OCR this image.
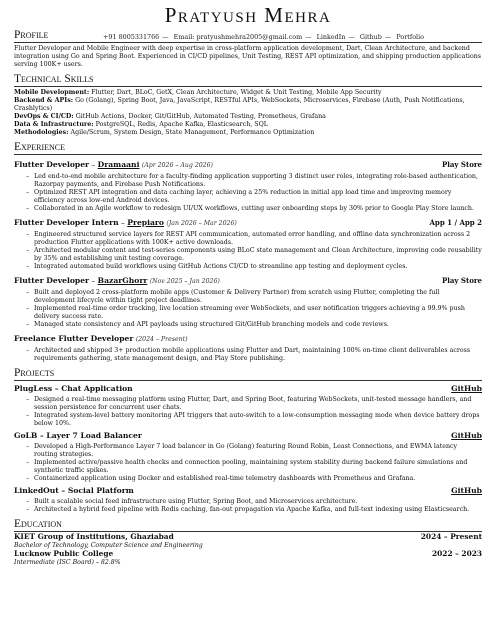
Pratyush Mehra
Profile	+91 8005331766 — Email: pratyushmehra2005@gmail.com — LinkedIn — Github — Portfolio

Flutter Developer and Mobile Engineer with deep expertise in cross-platform application development, Dart, Clean Architecture, and backend integration using Go and Spring Boot. Experienced in CI/CD pipelines, Unit Testing, REST API optimization, and shipping production applications serving 100K+ users.

Technical Skills
Mobile Development: Flutter, Dart, BLoC, GetX, Clean Architecture, Widget & Unit Testing, Mobile App Security
Backend & APIs: Go (Golang), Spring Boot, Java, JavaScript, RESTful APIs, WebSockets, Microservices, Firebase (Auth, Push Notifications, Crashlytics)
DevOps & CI/CD: GitHub Actions, Docker, Git/GitHub, Automated Testing, Prometheus, Grafana
Data & Infrastructure: PostgreSQL, Redis, Apache Kafka, Elasticsearch, SQL
Methodologies: Agile/Scrum, System Design, State Management, Performance Optimization
Experience
Flutter Developer – Dramaani (Apr 2026 – Aug 2026)	Play Store
– Led end-to-end mobile architecture for a faculty-finding application supporting 3 distinct user roles, integrating role-based authentication, Razorpay payments, and Firebase Push Notifications.
– Optimized REST API integration and data caching layer, achieving a 25% reduction in initial app load time and improving memory efficiency across low-end Android devices.
– Collaborated in an Agile workflow to redesign UI/UX workflows, cutting user onboarding steps by 30% prior to Google Play Store launch.
Flutter Developer Intern – Prepiaro (Jan 2026 – Mar 2026)	App 1 / App 2
– Engineered structured service layers for REST API communication, automated error handling, and offline data synchronization across 2 production Flutter applications with 100K+ active downloads.
– Architected modular content and test-series components using BLoC state management and Clean Architecture, improving code reusability by 35% and establishing unit testing coverage.
– Integrated automated build workflows using GitHub Actions CI/CD to streamline app testing and deployment cycles.
Flutter Developer – BazarGhorr (Nov 2025 – Jan 2026)	Play Store
– Built and deployed 2 cross-platform mobile apps (Customer & Delivery Partner) from scratch using Flutter, completing the full development lifecycle within tight project deadlines.
– Implemented real-time order tracking, live location streaming over WebSockets, and user notification triggers achieving a 99.9% push delivery success rate.
– Managed state consistency and API payloads using structured Git/GitHub branching models and code reviews.
Freelance Flutter Developer (2024 – Present)
– Architected and shipped 3+ production mobile applications using Flutter and Dart, maintaining 100% on-time client deliverables across requirements gathering, state management design, and Play Store publishing.
Projects
PlugLess – Chat Application	GitHub
– Designed a real-time messaging platform using Flutter, Dart, and Spring Boot, featuring WebSockets, unit-tested message handlers, and session persistence for concurrent user chats.
– Integrated system-level battery monitoring API triggers that auto-switch to a low-consumption messaging mode when device battery drops below 10%.
GoLB – Layer 7 Load Balancer	GitHub
– Developed a High-Performance Layer 7 load balancer in Go (Golang) featuring Round Robin, Least Connections, and EWMA latency routing strategies.
– Implemented active/passive health checks and connection pooling, maintaining system stability during backend failure simulations and synthetic traffic spikes.
– Containerized application using Docker and established real-time telemetry dashboards with Prometheus and Grafana.
LinkedOut – Social Platform	GitHub
– Built a scalable social feed infrastructure using Flutter, Spring Boot, and Microservices architecture.
– Architected a hybrid feed pipeline with Redis caching, fan-out propagation via Apache Kafka, and full-text indexing using Elasticsearch.
Education
KIET Group of Institutions, Ghaziabad	2024 – Present
Bachelor of Technology, Computer Science and Engineering
Lucknow Public College	2022 – 2023
Intermediate (ISC Board) – 82.8%
